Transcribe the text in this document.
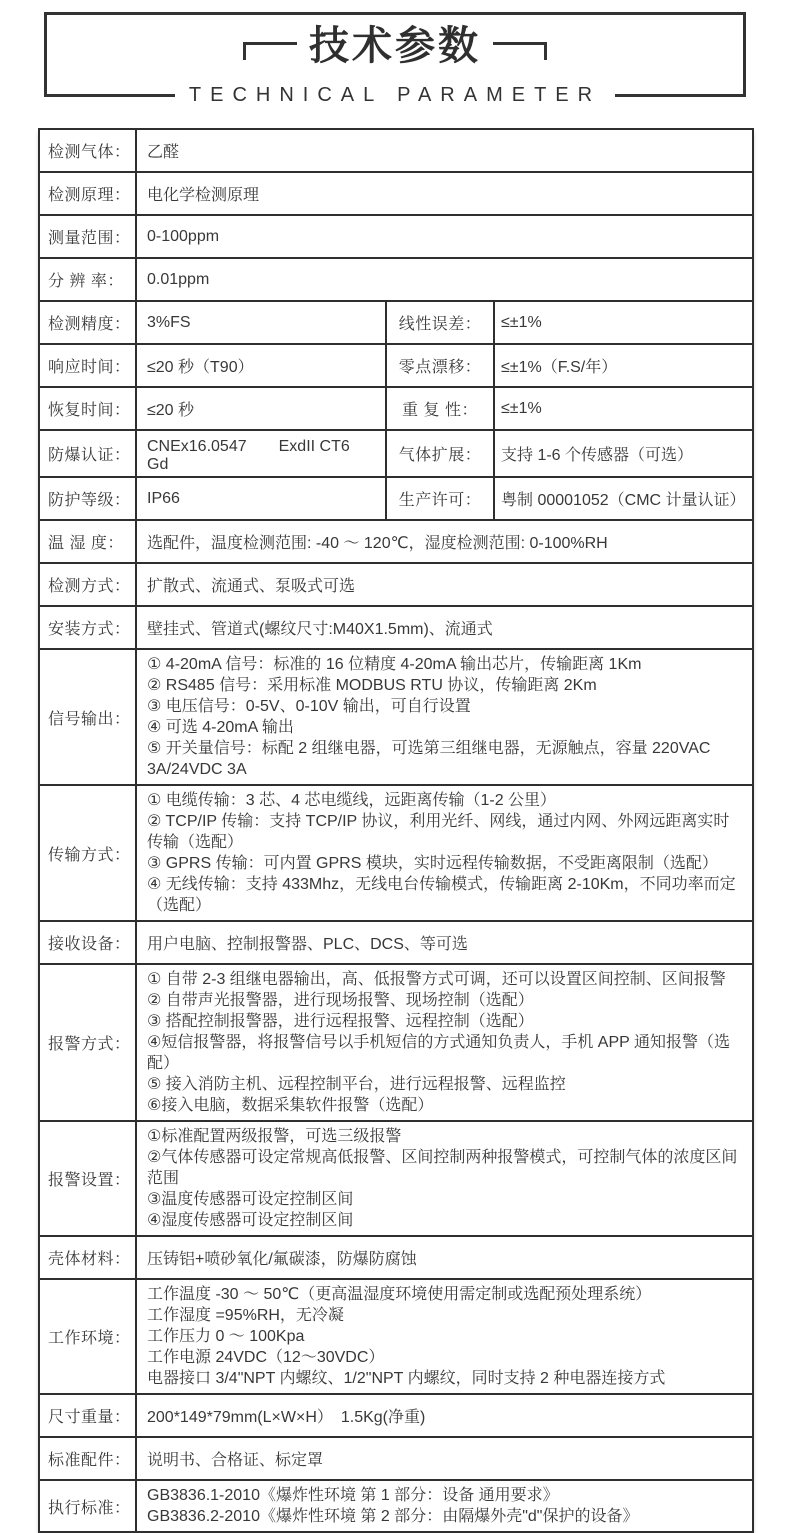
技术参数
TECHNICAL PARAMETER
检测气体：	乙醛		
检测原理：	电化学检测原理		
测量范围：	0-100ppm		
分 辨 率：	0.01ppm		
检测精度：	3%FS	线性误差：	≤±1%
响应时间：	≤20 秒（T90）	零点漂移：	≤±1%（F.S/年）
恢复时间：	≤20 秒	重 复 性：	≤±1%
防爆认证：	CNEx16.0547　　ExdII CT6 Gd	气体扩展：	支持 1-6 个传感器（可选）
防护等级：	IP66	生产许可：	粤制 00001052（CMC 计量认证）
温 湿 度：	选配件，温度检测范围: -40 ～ 120℃，湿度检测范围: 0-100%RH		
检测方式：	扩散式、流通式、泵吸式可选		
安装方式：	壁挂式、管道式(螺纹尺寸:M40X1.5mm)、流通式		
信号输出：	① 4-20mA 信号：标准的 16 位精度 4-20mA 输出芯片，传输距离 1Km
② RS485 信号：采用标准 MODBUS RTU 协议，传输距离 2Km
③ 电压信号：0-5V、0-10V 输出，可自行设置
④ 可选 4-20mA 输出
⑤ 开关量信号：标配 2 组继电器，可选第三组继电器，无源触点，容量 220VAC 3A/24VDC 3A		

传输方式：	① 电缆传输：3 芯、4 芯电缆线，远距离传输（1-2 公里）
② TCP/IP 传输：支持 TCP/IP 协议，利用光纤、网线，通过内网、外网远距离实时传输（选配）
③ GPRS 传输：可内置 GPRS 模块，实时远程传输数据，不受距离限制（选配）
④ 无线传输：支持 433Mhz，无线电台传输模式，传输距离 2-10Km，不同功率而定（选配）		

接收设备：	用户电脑、控制报警器、PLC、DCS、等可选		
报警方式：	
① 自带 2-3 组继电器输出，高、低报警方式可调，还可以设置区间控制、区间报警
② 自带声光报警器，进行现场报警、现场控制（选配）
③ 搭配控制报警器，进行远程报警、远程控制（选配）
④短信报警器，将报警信号以手机短信的方式通知负责人，手机 APP 通知报警（选配）
⑤ 接入消防主机、远程控制平台，进行远程报警、远程监控
⑥接入电脑，数据采集软件报警（选配）

报警设置：	①标准配置两级报警，可选三级报警
②气体传感器可设定常规高低报警、区间控制两种报警模式，可控制气体的浓度区间范围
③温度传感器可设定控制区间
④湿度传感器可设定控制区间		

壳体材料：	压铸铝+喷砂氧化/氟碳漆，防爆防腐蚀		
工作环境：	工作温度 -30 ～ 50℃（更高温湿度环境使用需定制或选配预处理系统）
工作湿度 =95%RH，无冷凝
工作压力 0 ～ 100Kpa
工作电源 24VDC（12～30VDC）
电器接口 3/4"NPT 内螺纹、1/2"NPT 内螺纹，同时支持 2 种电器连接方式		

尺寸重量：	200*149*79mm(L×W×H）　1.5Kg(净重)		
标准配件：	说明书、合格证、标定罩		
执行标准：	GB3836.1-2010《爆炸性环境 第 1 部分：设备 通用要求》
GB3836.2-2010《爆炸性环境 第 2 部分：由隔爆外壳"d"保护的设备》		
